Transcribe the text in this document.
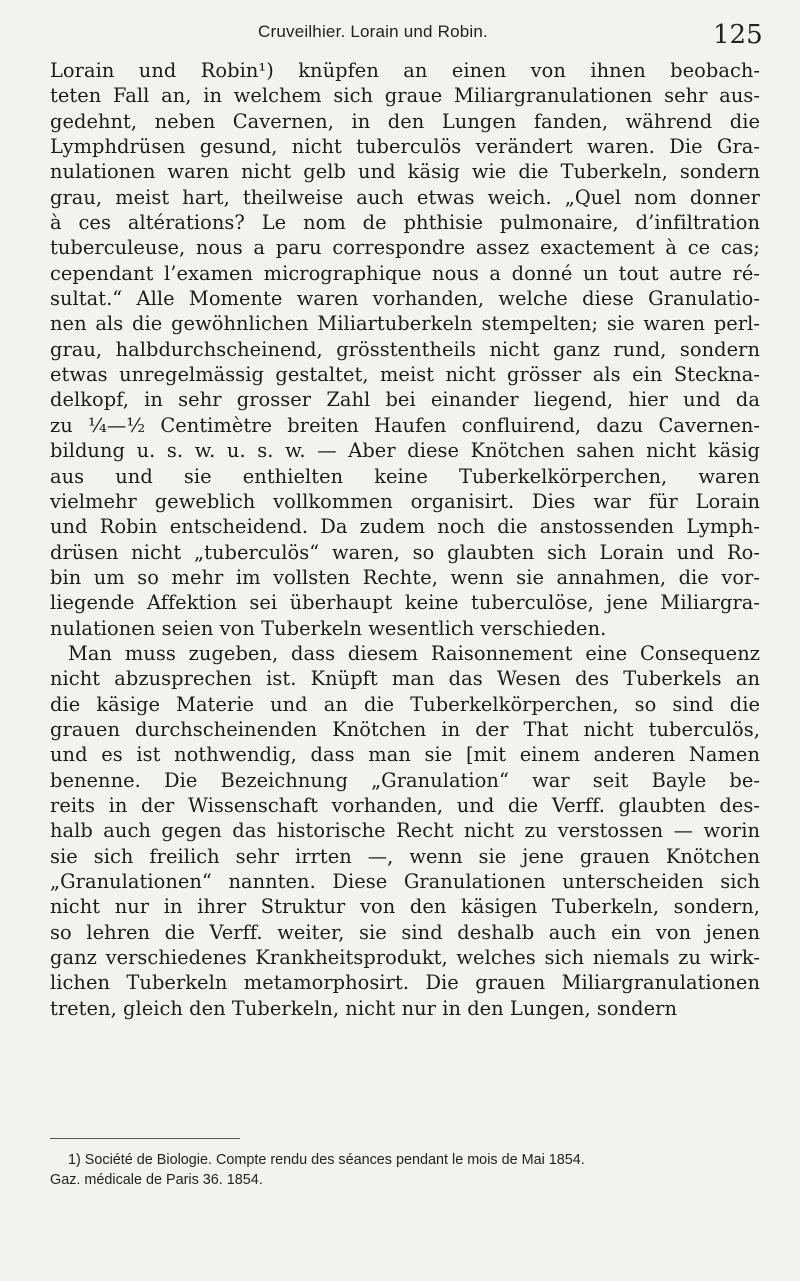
Cruveilhier. Lorain und Robin.	125
Lorain und Robin¹) knüpfen an einen von ihnen beobach-
teten Fall an, in welchem sich graue Miliargranulationen sehr aus-
gedehnt, neben Cavernen, in den Lungen fanden, während die
Lymphdrüsen gesund, nicht tuberculös verändert waren. Die Gra-
nulationen waren nicht gelb und käsig wie die Tuberkeln, sondern
grau, meist hart, theilweise auch etwas weich. „Quel nom donner
à ces altérations? Le nom de phthisie pulmonaire, d’infiltration
tuberculeuse, nous a paru correspondre assez exactement à ce cas;
cependant l’examen micrographique nous a donné un tout autre ré-
sultat.“ Alle Momente waren vorhanden, welche diese Granulatio-
nen als die gewöhnlichen Miliartuberkeln stempelten; sie waren perl-
grau, halbdurchscheinend, grösstentheils nicht ganz rund, sondern
etwas unregelmässig gestaltet, meist nicht grösser als ein Steckna-
delkopf, in sehr grosser Zahl bei einander liegend, hier und da
zu ¼—½ Centimètre breiten Haufen confluirend, dazu Cavernen-
bildung u. s. w. u. s. w. — Aber diese Knötchen sahen nicht käsig
aus und sie enthielten keine Tuberkelkörperchen, waren
vielmehr geweblich vollkommen organisirt. Dies war für Lorain
und Robin entscheidend. Da zudem noch die anstossenden Lymph-
drüsen nicht „tuberculös“ waren, so glaubten sich Lorain und Ro-
bin um so mehr im vollsten Rechte, wenn sie annahmen, die vor-
liegende Affektion sei überhaupt keine tuberculöse, jene Miliargra-
nulationen seien von Tuberkeln wesentlich verschieden.
Man muss zugeben, dass diesem Raisonnement eine Consequenz
nicht abzusprechen ist. Knüpft man das Wesen des Tuberkels an
die käsige Materie und an die Tuberkelkörperchen, so sind die
grauen durchscheinenden Knötchen in der That nicht tuberculös,
und es ist nothwendig, dass man sie [mit einem anderen Namen
benenne. Die Bezeichnung „Granulation“ war seit Bayle be-
reits in der Wissenschaft vorhanden, und die Verff. glaubten des-
halb auch gegen das historische Recht nicht zu verstossen — worin
sie sich freilich sehr irrten —, wenn sie jene grauen Knötchen
„Granulationen“ nannten. Diese Granulationen unterscheiden sich
nicht nur in ihrer Struktur von den käsigen Tuberkeln, sondern,
so lehren die Verff. weiter, sie sind deshalb auch ein von jenen
ganz verschiedenes Krankheitsprodukt, welches sich niemals zu wirk-
lichen Tuberkeln metamorphosirt. Die grauen Miliargranulationen
treten, gleich den Tuberkeln, nicht nur in den Lungen, sondern
1) Société de Biologie. Compte rendu des séances pendant le mois de Mai 1854.
Gaz. médicale de Paris 36. 1854.
